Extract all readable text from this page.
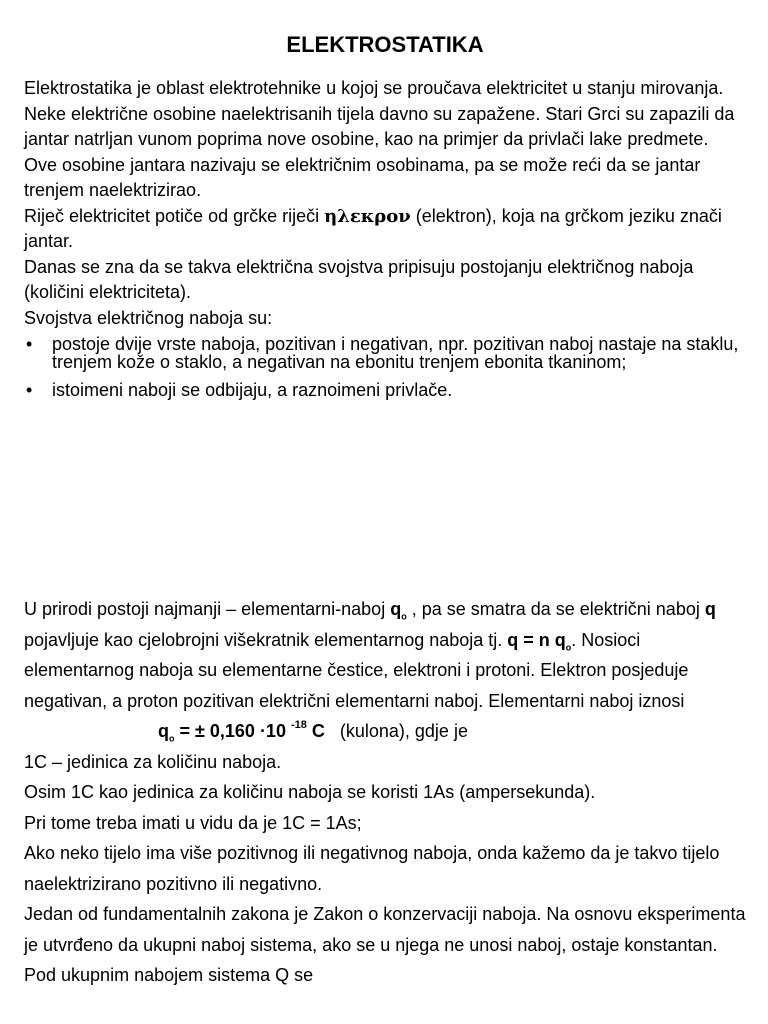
ELEKTROSTATIKA

Elektrostatika je oblast elektrotehnike u kojoj se proučava elektricitet u stanju mirovanja. Neke električne osobine naelektrisanih tijela davno su zapažene. Stari Grci su zapazili da jantar natrljan vunom poprima nove osobine, kao na primjer da privlači lake predmete. Ove osobine jantara nazivaju se električnim osobinama, pa se može reći da se jantar trenjem naelektrizirao.

Riječ elektricitet potiče od grčke riječi ηλεκρον (elektron), koja na grčkom jeziku znači jantar.

Danas se zna da se takva električna svojstva pripisuju postojanju električnog naboja (količini elektriciteta).

Svojstva električnog naboja su:

• postoje dvije vrste naboja, pozitivan i negativan, npr. pozitivan naboj nastaje na staklu, trenjem kože o staklo, a negativan na ebonitu trenjem ebonita tkaninom;
• istoimeni naboji se odbijaju, a raznoimeni privlače.

U prirodi postoji najmanji – elementarni-naboj $q_o$ , pa se smatra da se električni naboj q pojavljuje kao cjelobrojni višekratnik elementarnog naboja tj. q = n $q_o$. Nosioci elementarnog naboja su elementarne čestice, elektroni i protoni. Elektron posjeduje negativan, a proton pozitivan električni elementarni naboj. Elementarni naboj iznosi

$q_o$ = ± 0,160 ·10 $^{-18}$ C   (kulona), gdje je

1C – jedinica za količinu naboja.

Osim 1C kao jedinica za količinu naboja se koristi 1As (ampersekunda).

Pri tome treba imati u vidu da je 1C = 1As;

Ako neko tijelo ima više pozitivnog ili negativnog naboja, onda kažemo da je takvo tijelo naelektrizirano pozitivno ili negativno.

Jedan od fundamentalnih zakona je Zakon o konzervaciji naboja. Na osnovu eksperimenta je utvrđeno da ukupni naboj sistema, ako se u njega ne unosi naboj, ostaje konstantan. Pod ukupnim nabojem sistema Q se
